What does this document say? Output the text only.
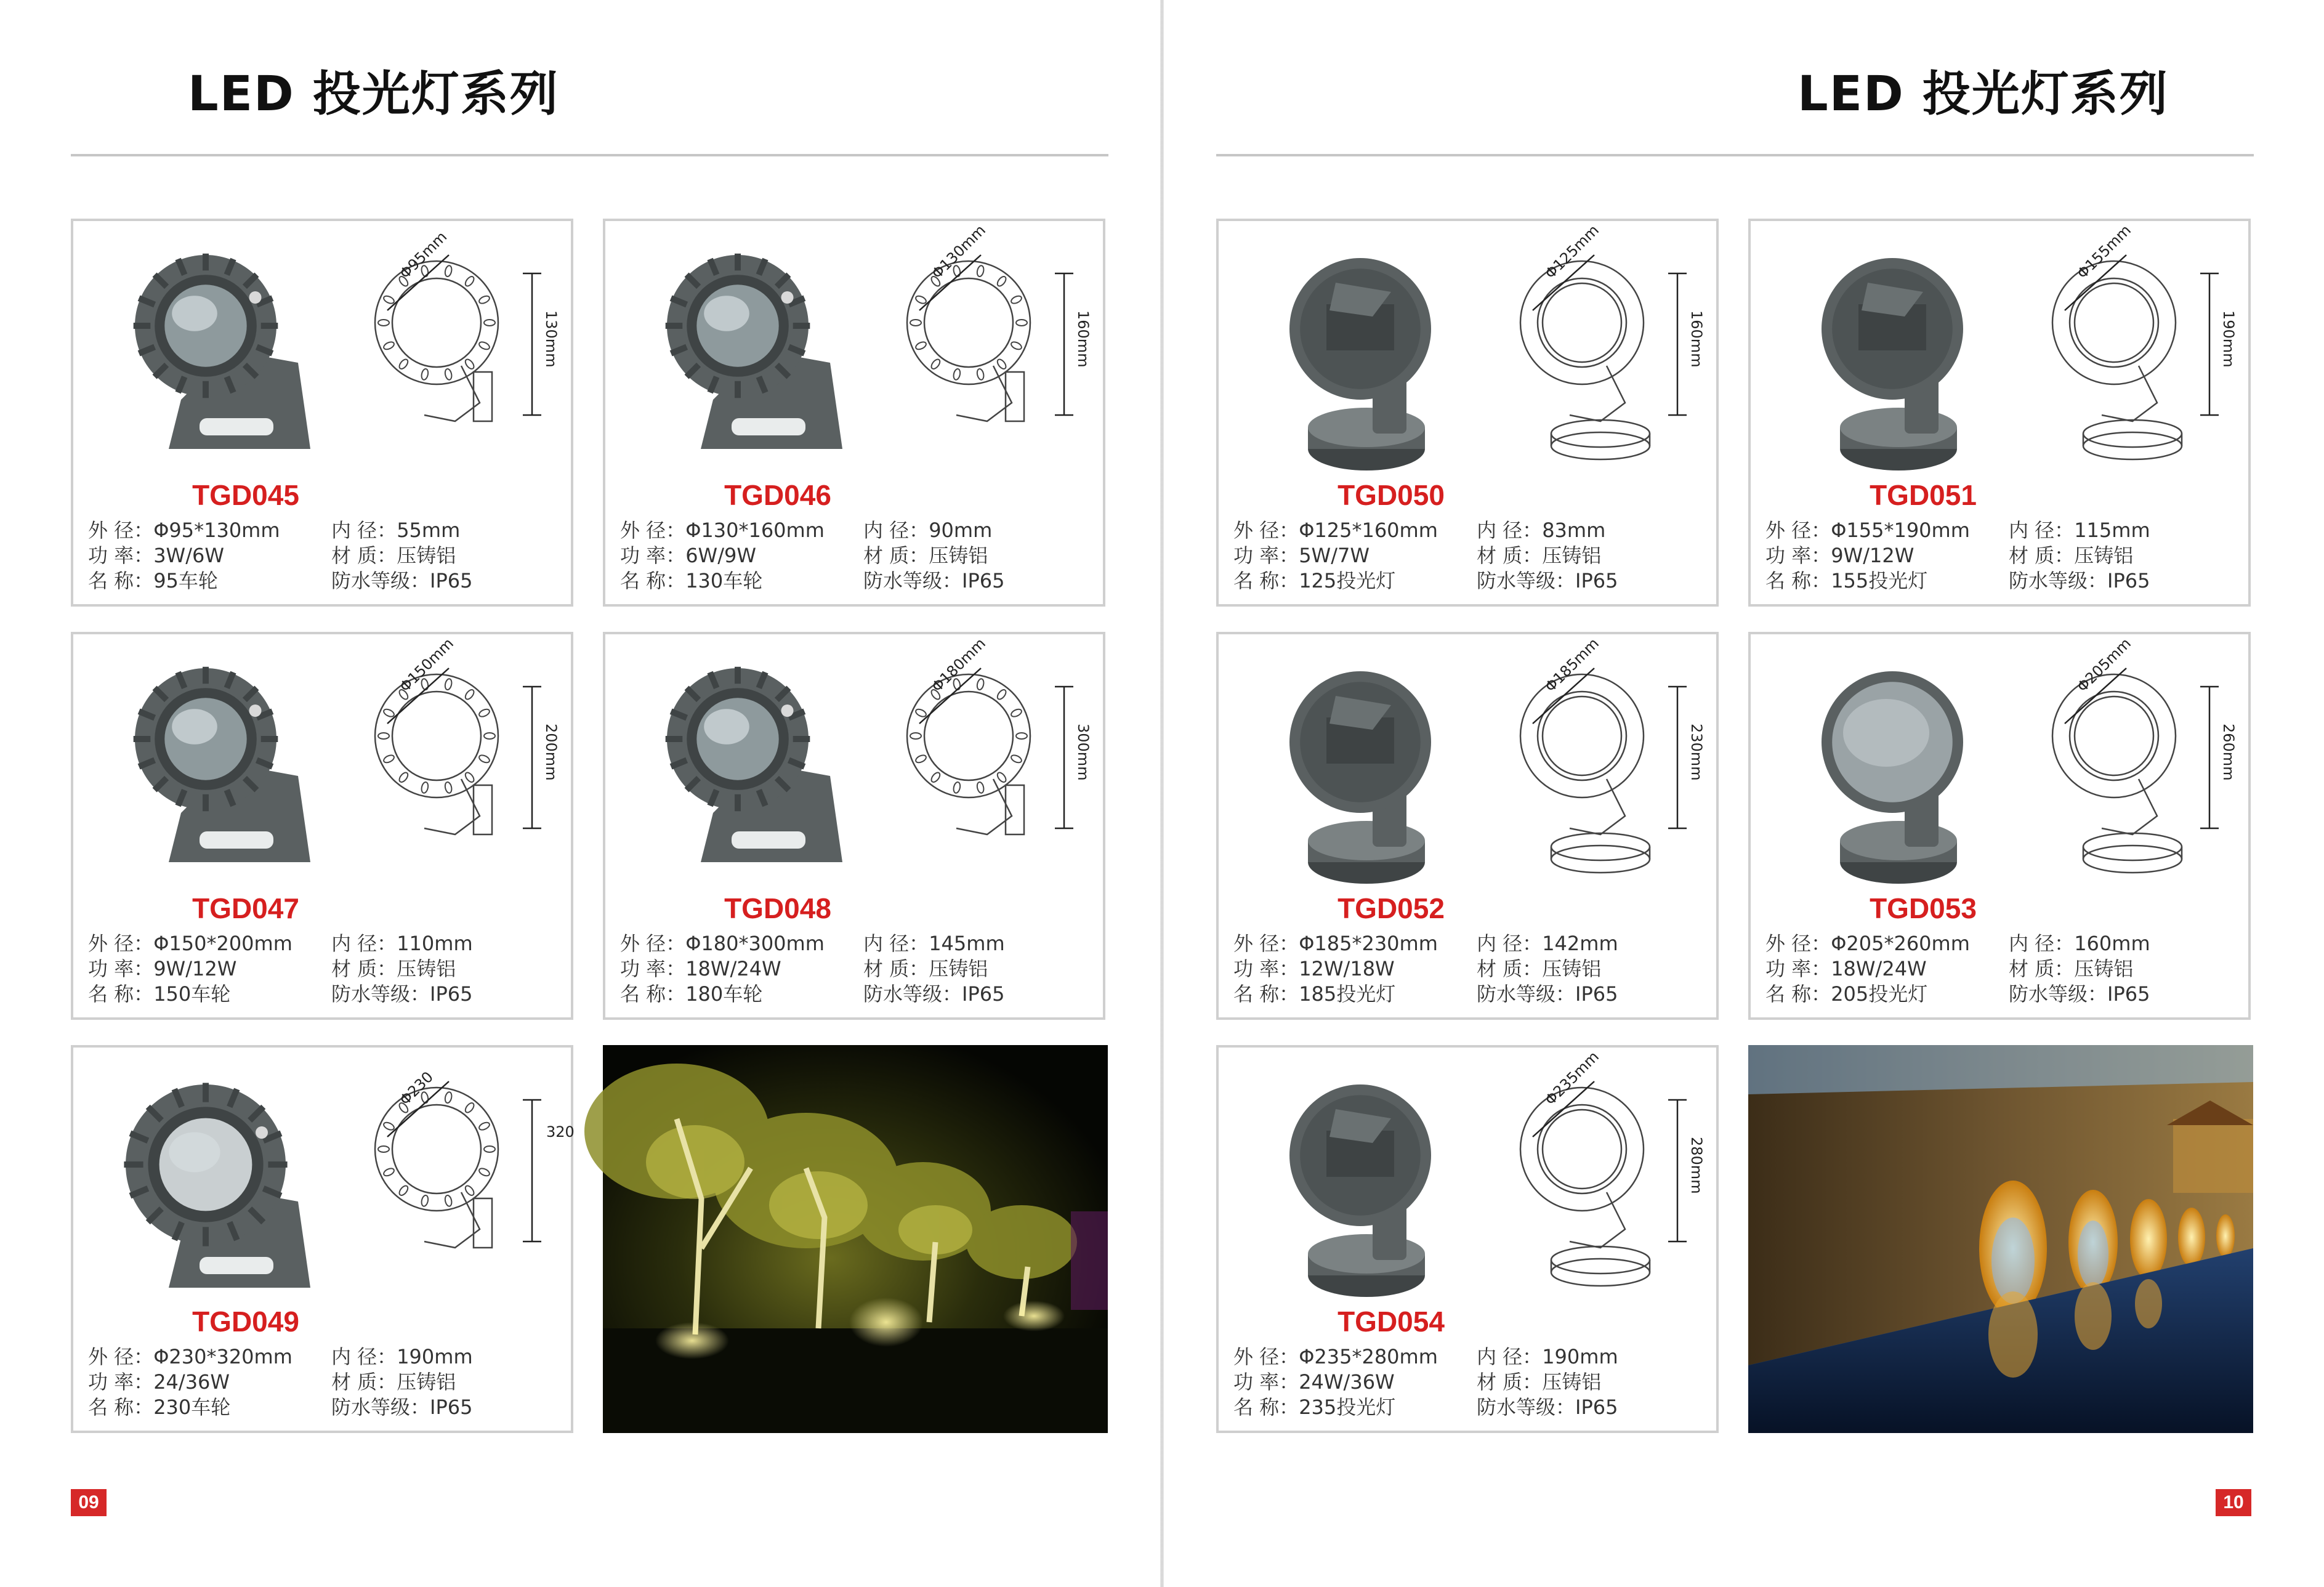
LED 投光灯系列
Φ95mm
130mm
TGD045
外 径：Φ95*130mm	内 径：55mm
功 率：3W/6W	材 质：压铸铝
名 称：95车轮	防水等级：IP65
Φ130mm
160mm
TGD046
外 径：Φ130*160mm	内 径：90mm
功 率：6W/9W	材 质：压铸铝
名 称：130车轮	防水等级：IP65
Φ150mm
200mm
TGD047
外 径：Φ150*200mm	内 径：110mm
功 率：9W/12W	材 质：压铸铝
名 称：150车轮	防水等级：IP65
Φ180mm
300mm
TGD048
外 径：Φ180*300mm	内 径：145mm
功 率：18W/24W	材 质：压铸铝
名 称：180车轮	防水等级：IP65
Φ230
320
TGD049
外 径：Φ230*320mm	内 径：190mm
功 率：24/36W	材 质：压铸铝
名 称：230车轮	防水等级：IP65
09
LED 投光灯系列
Φ125mm
160mm
TGD050
外 径：Φ125*160mm	内 径：83mm
功 率：5W/7W	材 质：压铸铝
名 称：125投光灯	防水等级：IP65
Φ155mm
190mm
TGD051
外 径：Φ155*190mm	内 径：115mm
功 率：9W/12W	材 质：压铸铝
名 称：155投光灯	防水等级：IP65
Φ185mm
230mm
TGD052
外 径：Φ185*230mm	内 径：142mm
功 率：12W/18W	材 质：压铸铝
名 称：185投光灯	防水等级：IP65
Φ205mm
260mm
TGD053
外 径：Φ205*260mm	内 径：160mm
功 率：18W/24W	材 质：压铸铝
名 称：205投光灯	防水等级：IP65
Φ235mm
280mm
TGD054
外 径：Φ235*280mm	内 径：190mm
功 率：24W/36W	材 质：压铸铝
名 称：235投光灯	防水等级：IP65
10
